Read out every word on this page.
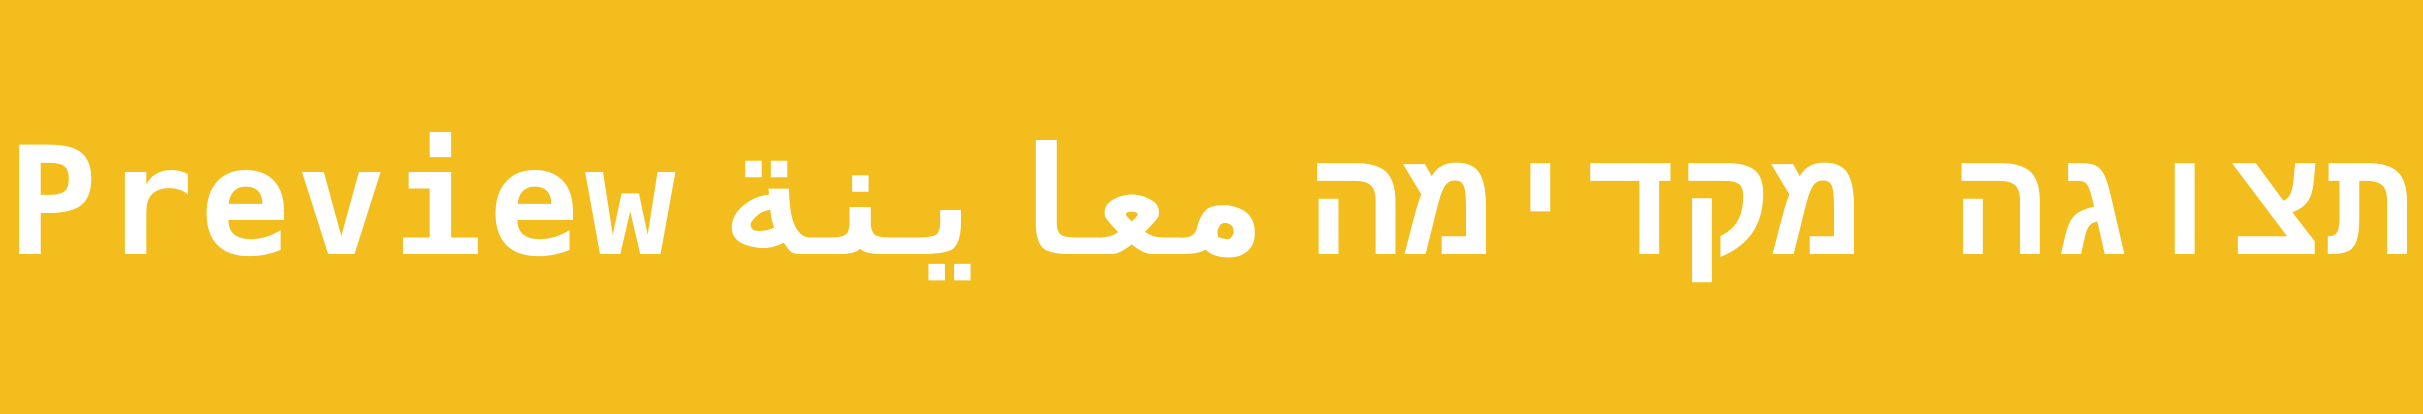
Preview معاينة תצוגה מקדימה
